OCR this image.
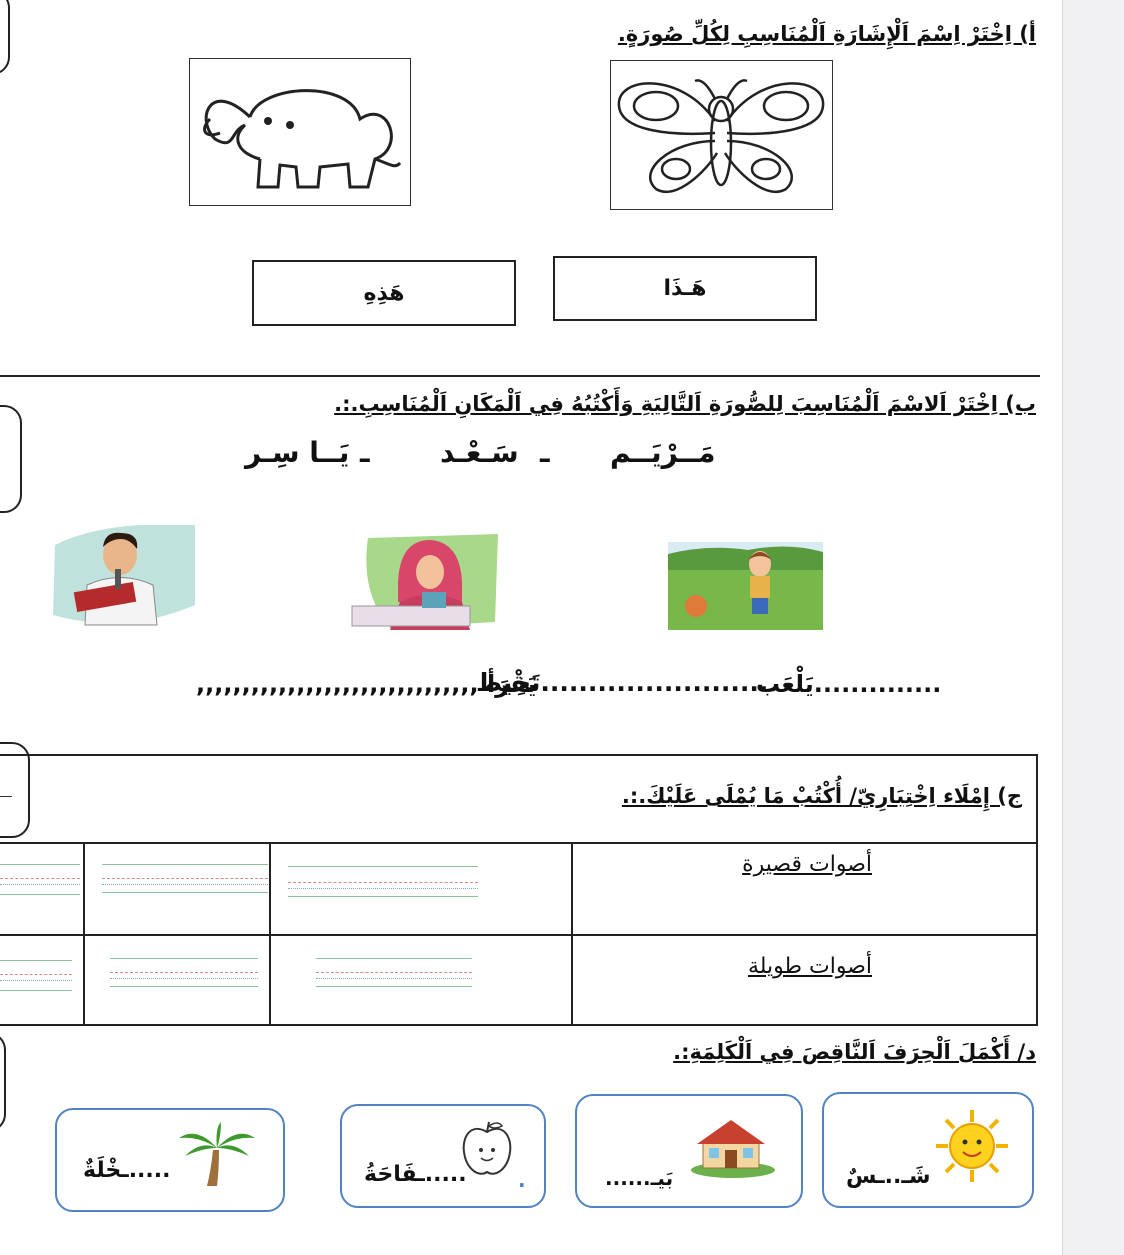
أ) اِخْتَرْ اِسْمَ اَلْإِشَارَةِ اَلْمُنَاسِبِ لِكُلِّ صُورَةٍ.
هَـذَا
هَذِهِ
ب) اِخْتَرْ اَلاسْمَ اَلْمُنَاسِبَ لِلصُّورَةِ اَلتَّالِيَةِ وَأَكْتُبُهُ فِي اَلْمَكَانِ اَلْمُنَاسِبِ.:.
مَــرْيَــم
ـ
سَـعْـد
ـ
يَــا سِـر
..............يَلْعَب
........................تَخِيط
يَقْرَأ ,,,,,,,,,,,,,,,,,,,,,,,,,,,,,,,
ج) إِمْلَاء اِخْتِبَارِيّ/ أُكْتُبْ مَا يُمْلَى عَلَيْكَ.:.
أصوات قصيرة
أصوات طويلة
د/ أَكْمَلَ اَلْحِرَفَ اَلنَّاقِصَ فِي اَلْكَلِمَةِ:.
شَـ..ـسٌ
بَيـ......
.
.....ـفَاحَةُ
.....ـخْلَةٌ
